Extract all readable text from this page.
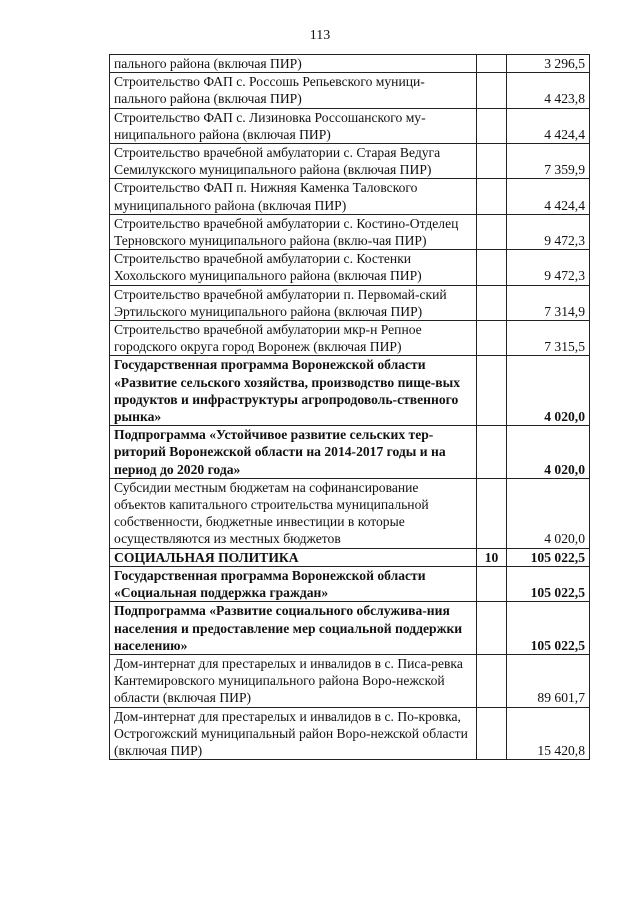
113
пального района (включая ПИР)		3 296,5
Строительство ФАП с. Россошь Репьевского муници-пального района (включая ПИР)		4 423,8
Строительство ФАП с. Лизиновка Россошанского му-ниципального района (включая ПИР)		4 424,4
Строительство врачебной амбулатории с. Старая Ведуга Семилукского муниципального района (включая ПИР)		7 359,9
Строительство ФАП п. Нижняя Каменка Таловского муниципального района (включая ПИР)		4 424,4
Строительство врачебной амбулатории с. Костино-Отделец Терновского муниципального района (вклю-чая ПИР)		9 472,3
Строительство врачебной амбулатории с. Костенки Хохольского муниципального района (включая ПИР)		9 472,3
Строительство врачебной амбулатории п. Первомай-ский Эртильского муниципального района (включая ПИР)		7 314,9
Строительство врачебной амбулатории мкр-н Репное городского округа город Воронеж (включая ПИР)		7 315,5
Государственная программа Воронежской области «Развитие сельского хозяйства, производство пище-вых продуктов и инфраструктуры агропродоволь-ственного рынка»		4 020,0
Подпрограмма «Устойчивое развитие сельских тер-риторий Воронежской области на 2014-2017 годы и на период до 2020 года»		4 020,0
Субсидии местным бюджетам на софинансирование объектов капитального строительства муниципальной собственности, бюджетные инвестиции в которые осуществляются из местных бюджетов		4 020,0
СОЦИАЛЬНАЯ ПОЛИТИКА	10	105 022,5
Государственная программа Воронежской области «Социальная поддержка граждан»		105 022,5
Подпрограмма «Развитие социального обслужива-ния населения и предоставление мер социальной поддержки населению»		105 022,5
Дом-интернат для престарелых и инвалидов в с. Писа-ревка Кантемировского муниципального района Воро-нежской области (включая ПИР)		89 601,7
Дом-интернат для престарелых и инвалидов в с. По-кровка, Острогожский муниципальный район Воро-нежской области (включая ПИР)		15 420,8
